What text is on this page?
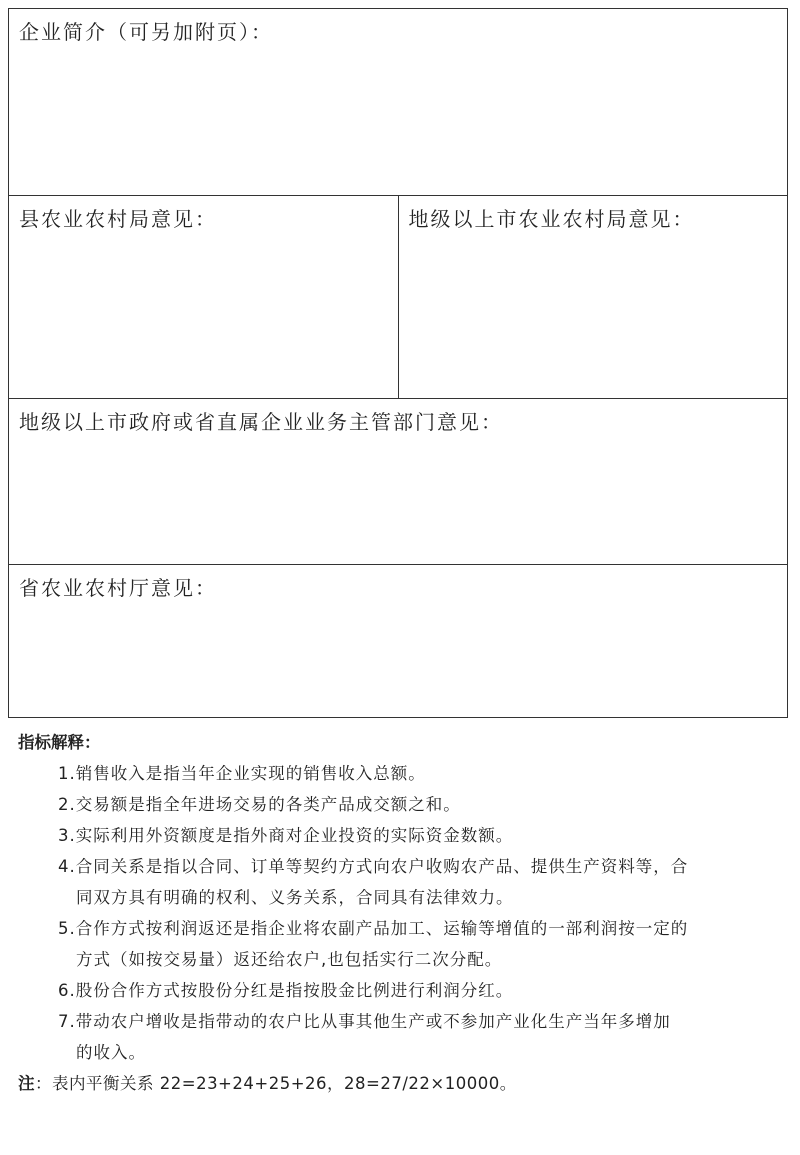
企业简介（可另加附页）：
县农业农村局意见：	地级以上市农业农村局意见：
地级以上市政府或省直属企业业务主管部门意见：
省农业农村厅意见：
指标解释：
1.销售收入是指当年企业实现的销售收入总额。
2.交易额是指全年进场交易的各类产品成交额之和。
3.实际利用外资额度是指外商对企业投资的实际资金数额。
4.合同关系是指以合同、订单等契约方式向农户收购农产品、提供生产资料等，合
同双方具有明确的权利、义务关系，合同具有法律效力。
5.合作方式按利润返还是指企业将农副产品加工、运输等增值的一部利润按一定的
方式（如按交易量）返还给农户,也包括实行二次分配。
6.股份合作方式按股份分红是指按股金比例进行利润分红。
7.带动农户增收是指带动的农户比从事其他生产或不参加产业化生产当年多增加
的收入。
注：表内平衡关系 22=23+24+25+26，28=27/22×10000。
